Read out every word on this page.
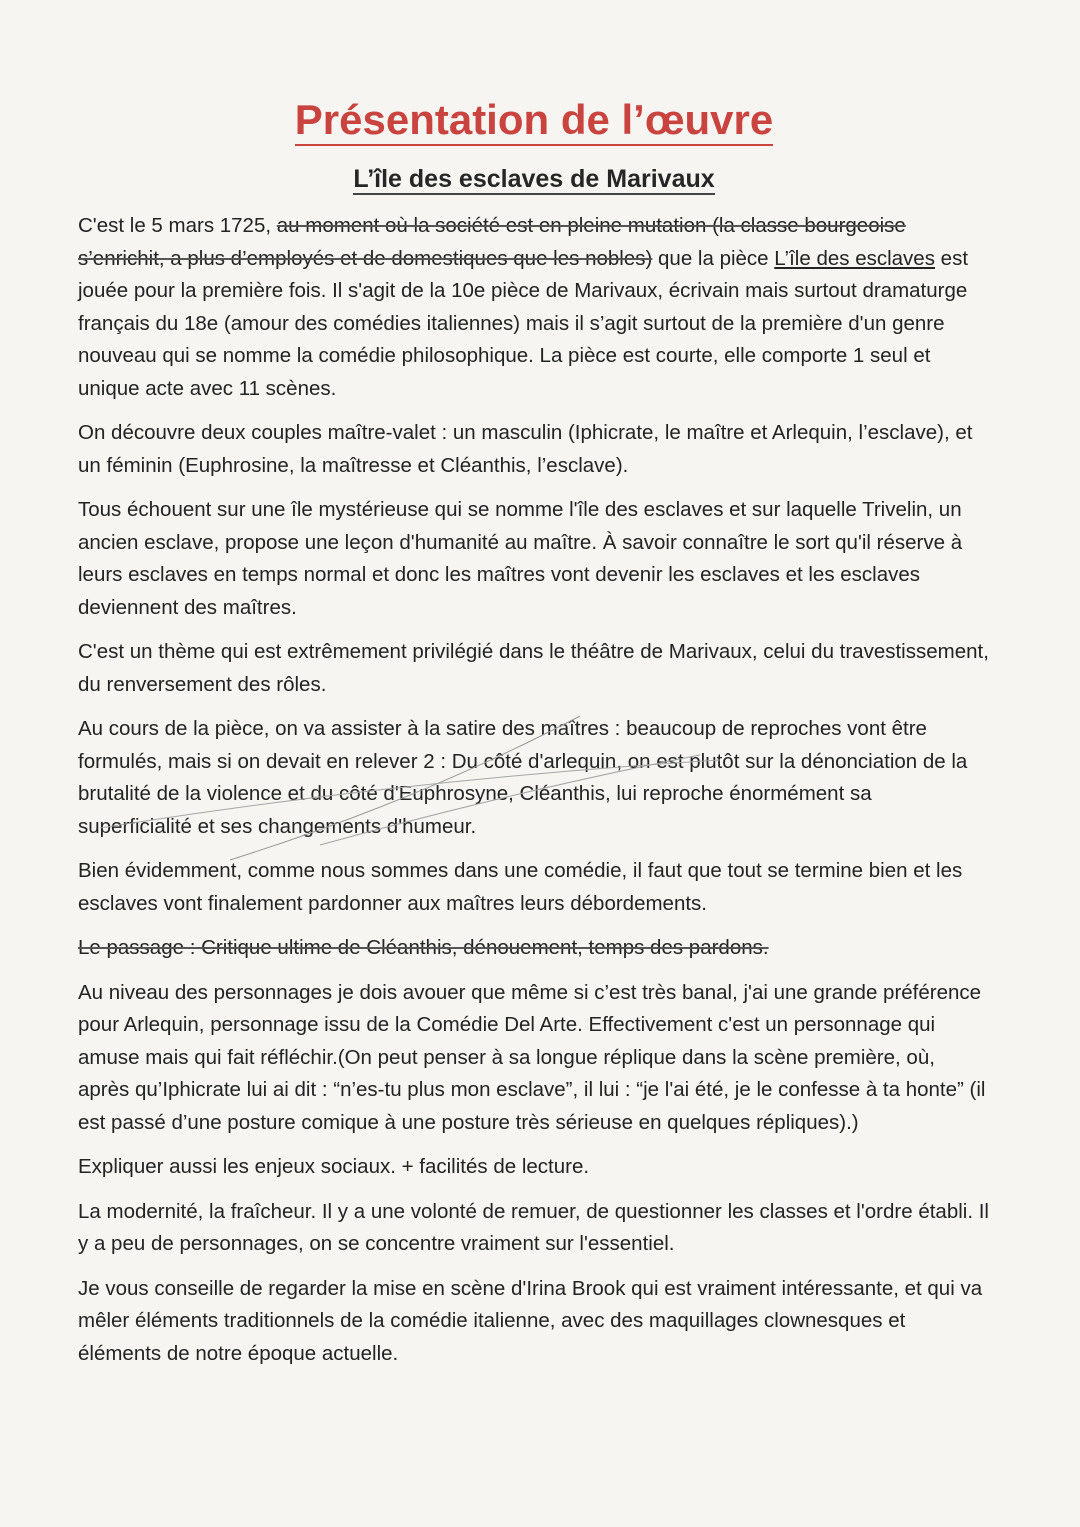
Présentation de l’œuvre
L’île des esclaves de Marivaux

C'est le 5 mars 1725, au moment où la société est en pleine mutation (la classe bourgeoise s’enrichit, a plus d’employés et de domestiques que les nobles) que la pièce L’île des esclaves est jouée pour la première fois. Il s'agit de la 10e pièce de Marivaux, écrivain mais surtout dramaturge français du 18e (amour des comédies italiennes) mais il s’agit surtout de la première d'un genre nouveau qui se nomme la comédie philosophique. La pièce est courte, elle comporte 1 seul et unique acte avec 11 scènes.

On découvre deux couples maître-valet : un masculin (Iphicrate, le maître et Arlequin, l’esclave), et un féminin (Euphrosine, la maîtresse et Cléanthis, l’esclave).

Tous échouent sur une île mystérieuse qui se nomme l'île des esclaves et sur laquelle Trivelin, un ancien esclave, propose une leçon d'humanité au maître. À savoir connaître le sort qu'il réserve à leurs esclaves en temps normal et donc les maîtres vont devenir les esclaves et les esclaves deviennent des maîtres.

C'est un thème qui est extrêmement privilégié dans le théâtre de Marivaux, celui du travestissement, du renversement des rôles.

Au cours de la pièce, on va assister à la satire des maîtres : beaucoup de reproches vont être formulés, mais si on devait en relever 2 : Du côté d'arlequin, on est plutôt sur la dénonciation de la brutalité de la violence et du côté d'Euphrosyne, Cléanthis, lui reproche énormément sa superficialité et ses changements d'humeur.

Bien évidemment, comme nous sommes dans une comédie, il faut que tout se termine bien et les esclaves vont finalement pardonner aux maîtres leurs débordements.

Le passage : Critique ultime de Cléanthis, dénouement, temps des pardons.

Au niveau des personnages je dois avouer que même si c’est très banal, j'ai une grande préférence pour Arlequin, personnage issu de la Comédie Del Arte. Effectivement c'est un personnage qui amuse mais qui fait réfléchir.(On peut penser à sa longue réplique dans la scène première, où, après qu’Iphicrate lui ai dit : “n’es-tu plus mon esclave”, il lui : “je l'ai été, je le confesse à ta honte” (il est passé d’une posture comique à une posture très sérieuse en quelques répliques).)

Expliquer aussi les enjeux sociaux. + facilités de lecture.

La modernité, la fraîcheur. Il y a une volonté de remuer, de questionner les classes et l'ordre établi. Il y a peu de personnages, on se concentre vraiment sur l'essentiel.

Je vous conseille de regarder la mise en scène d'Irina Brook qui est vraiment intéressante, et qui va mêler éléments traditionnels de la comédie italienne, avec des maquillages clownesques et éléments de notre époque actuelle.
